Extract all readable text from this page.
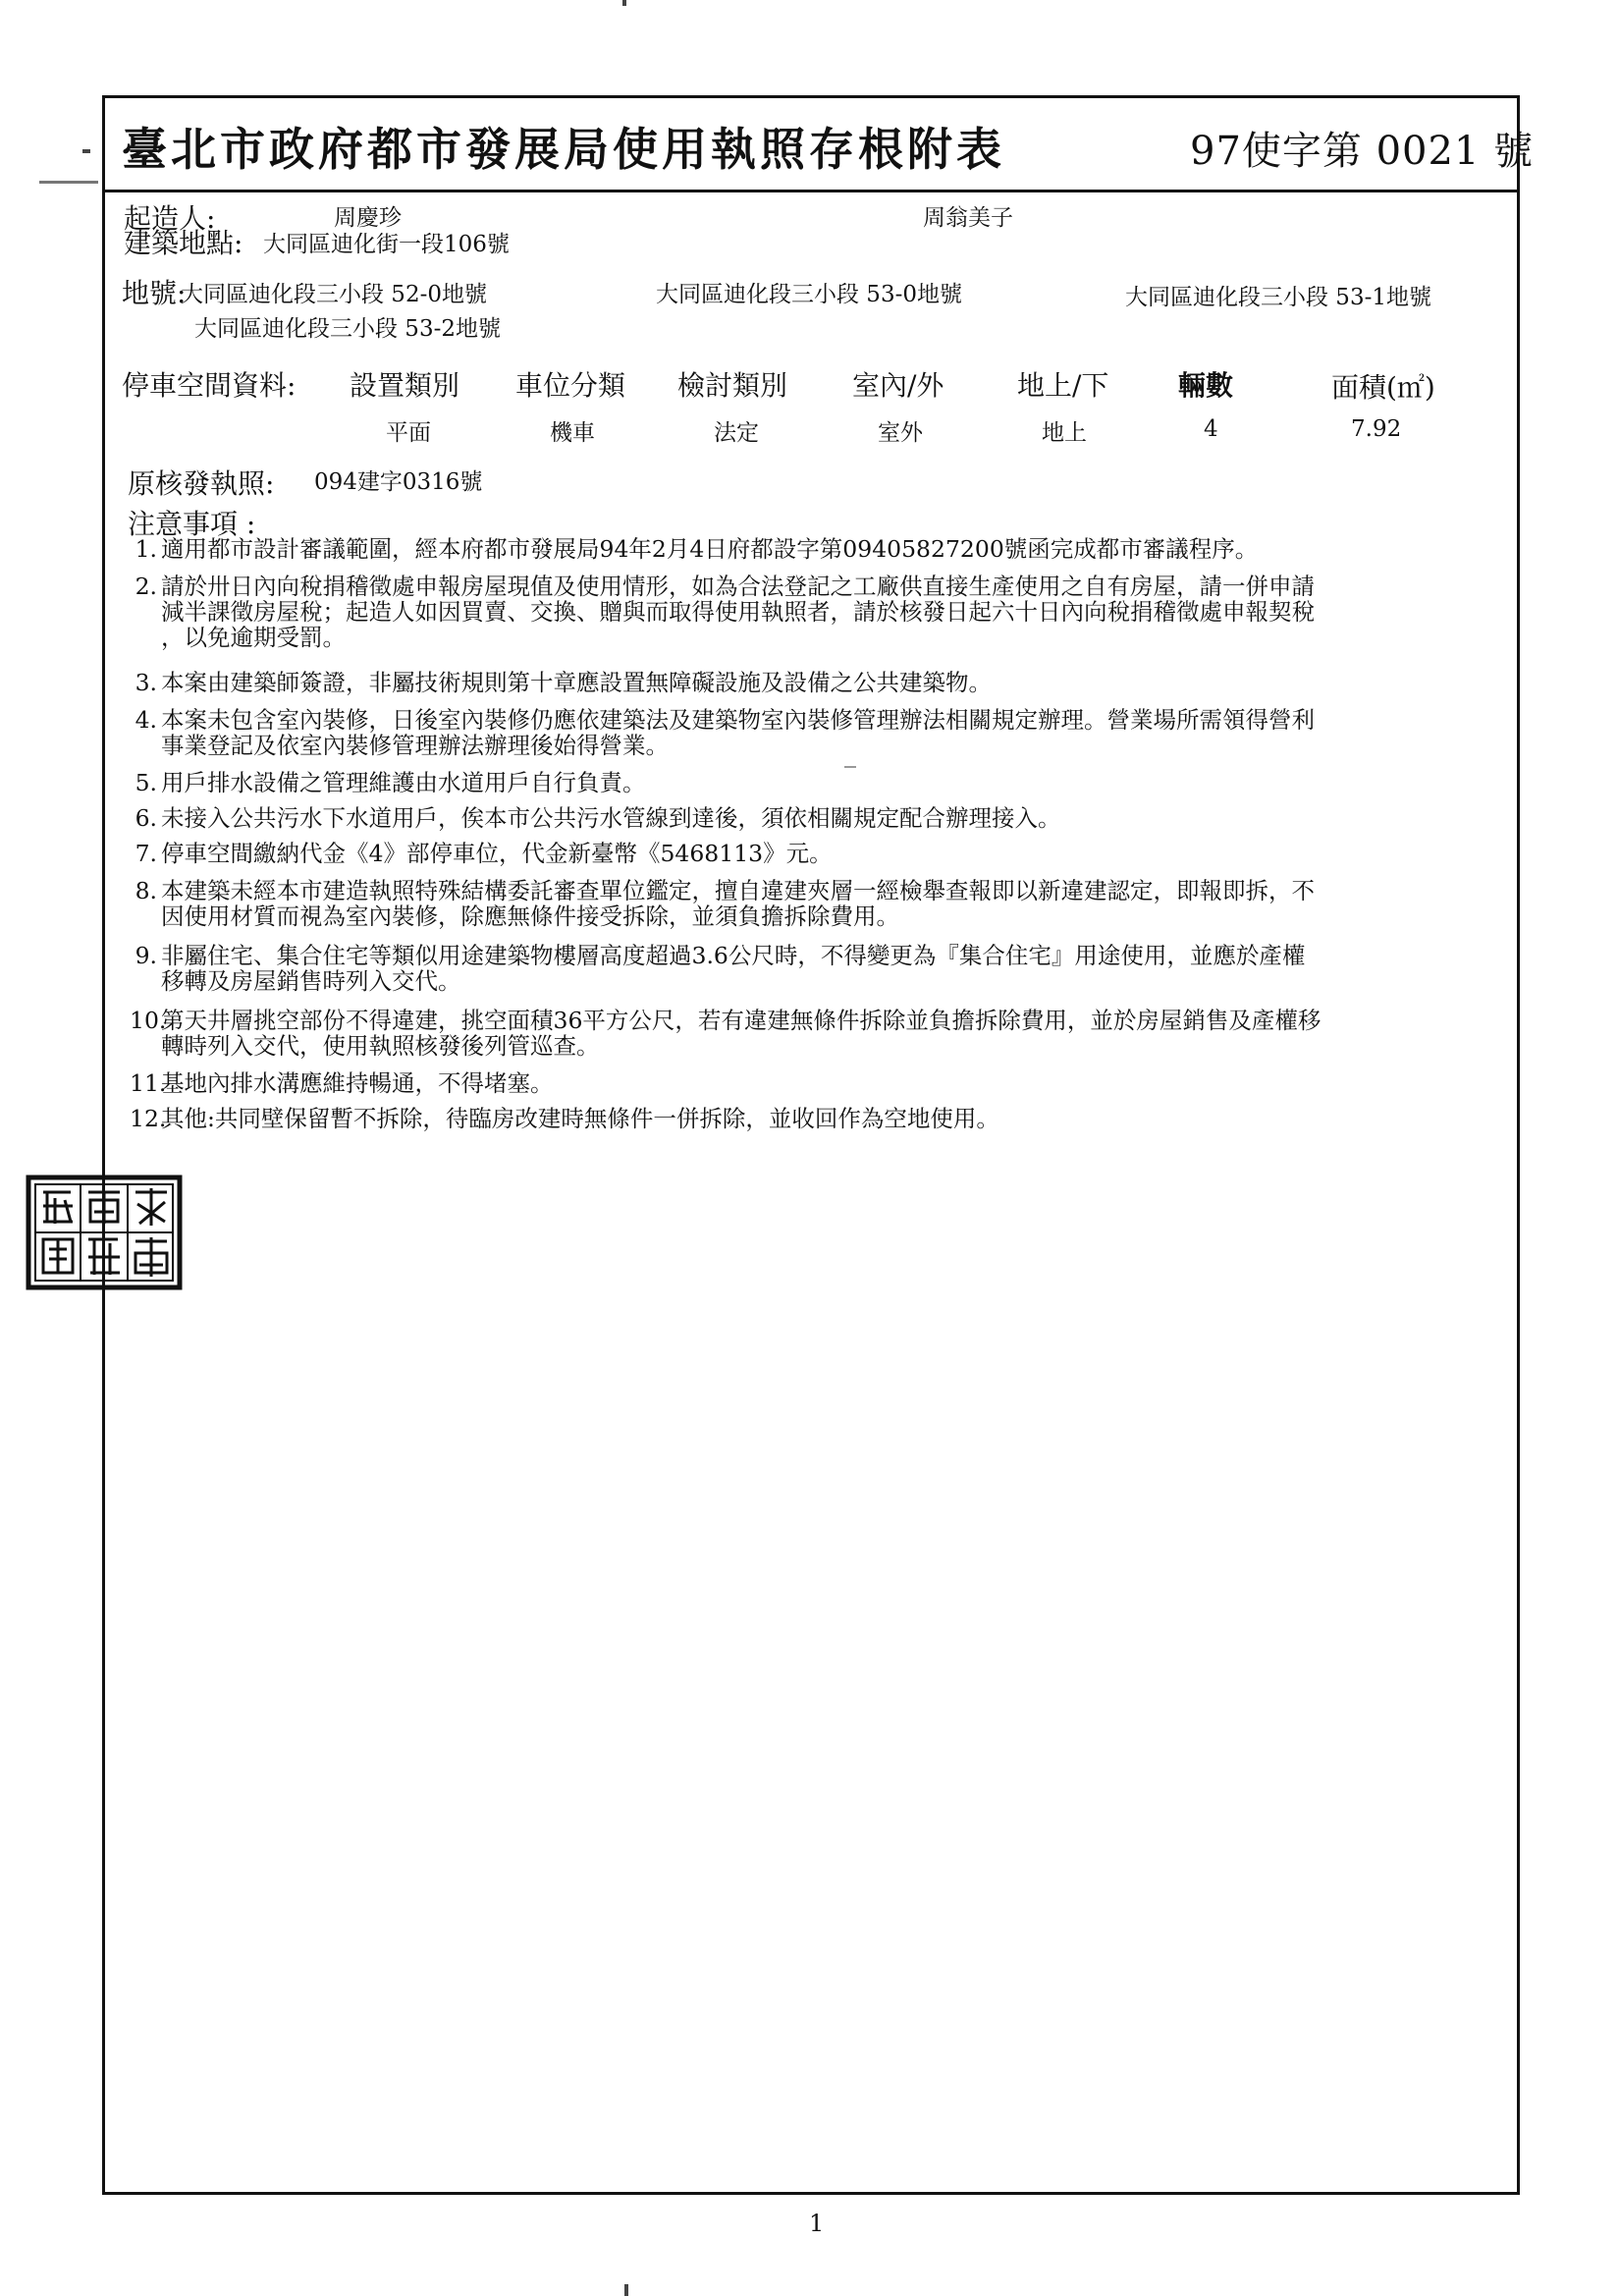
臺北市政府都市發展局使用執照存根附表	97使字第 0021 號
起造人:	周慶珍	周翁美子
建築地點: 大同區迪化街一段106號
地號:
大同區迪化段三小段 52-0地號	大同區迪化段三小段 53-0地號	大同區迪化段三小段 53-1地號
大同區迪化段三小段 53-2地號
停車空間資料: 設置類別 車位分類 檢討類別 室內/外	地上/下	輛數	面積(㎡)
平面	機車	法定	室外	地上	4	7.92
原核發執照: 094建字0316號
注意事項 :
1. 適用都市設計審議範圍，經本府都市發展局94年2月4日府都設字第09405827200號函完成都市審議程序。
2. 請於卅日內向稅捐稽徵處申報房屋現值及使用情形，如為合法登記之工廠供直接生產使用之自有房屋，請一併申請
減半課徵房屋稅；起造人如因買賣、交換、贈與而取得使用執照者，請於核發日起六十日內向稅捐稽徵處申報契稅
，以免逾期受罰。
3. 本案由建築師簽證，非屬技術規則第十章應設置無障礙設施及設備之公共建築物。
4. 本案未包含室內裝修，日後室內裝修仍應依建築法及建築物室內裝修管理辦法相關規定辦理。營業場所需領得營利
事業登記及依室內裝修管理辦法辦理後始得營業。
5. 用戶排水設備之管理維護由水道用戶自行負責。
6. 未接入公共污水下水道用戶，俟本市公共污水管線到達後，須依相關規定配合辦理接入。
7. 停車空間繳納代金《4》部停車位，代金新臺幣《5468113》元。
8. 本建築未經本市建造執照特殊結構委託審查單位鑑定，擅自違建夾層一經檢舉查報即以新違建認定，即報即拆，不
因使用材質而視為室內裝修，除應無條件接受拆除，並須負擔拆除費用。
9. 非屬住宅、集合住宅等類似用途建築物樓層高度超過3.6公尺時，不得變更為『集合住宅』用途使用，並應於產權
移轉及房屋銷售時列入交代。
10.第天井層挑空部份不得違建，挑空面積36平方公尺，若有違建無條件拆除並負擔拆除費用，並於房屋銷售及產權移
轉時列入交代，使用執照核發後列管巡查。
11.基地內排水溝應維持暢通，不得堵塞。
12.其他:共同壁保留暫不拆除，待臨房改建時無條件一併拆除，並收回作為空地使用。
1
